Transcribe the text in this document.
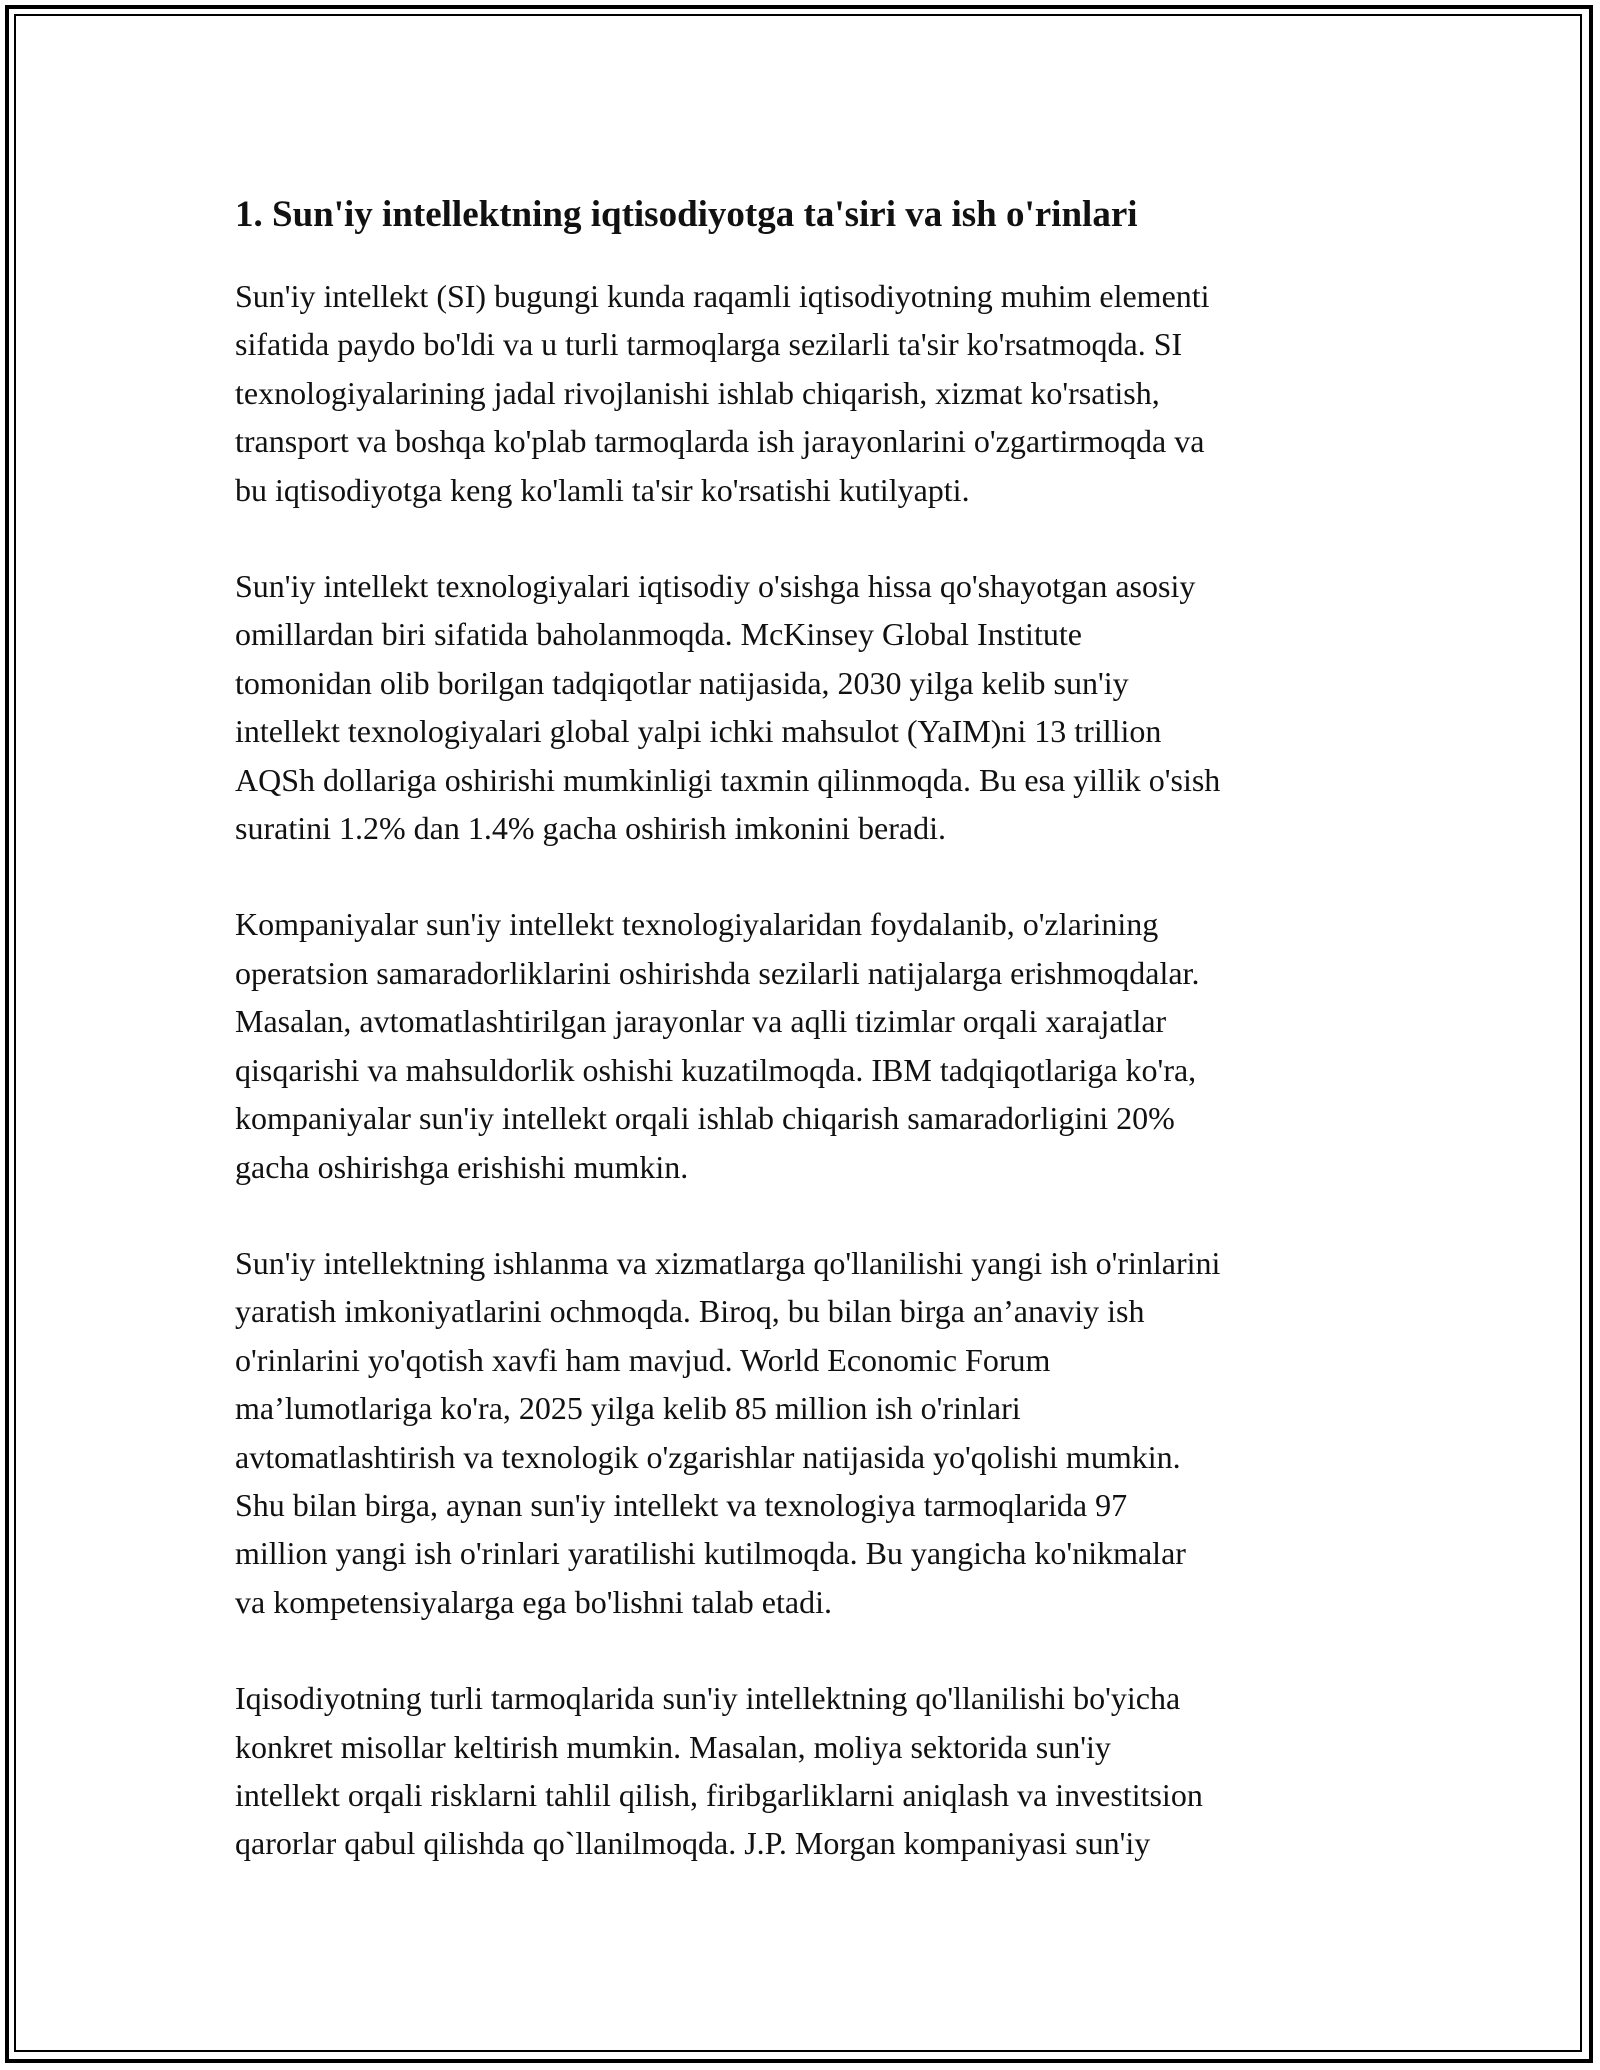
1. Sun'iy intellektning iqtisodiyotga ta'siri va ish o'rinlari
Sun'iy intellekt (SI) bugungi kunda raqamli iqtisodiyotning muhim elementi
sifatida paydo bo'ldi va u turli tarmoqlarga sezilarli ta'sir ko'rsatmoqda. SI
texnologiyalarining jadal rivojlanishi ishlab chiqarish, xizmat ko'rsatish,
transport va boshqa ko'plab tarmoqlarda ish jarayonlarini o'zgartirmoqda va
bu iqtisodiyotga keng ko'lamli ta'sir ko'rsatishi kutilyapti.
Sun'iy intellekt texnologiyalari iqtisodiy o'sishga hissa qo'shayotgan asosiy
omillardan biri sifatida baholanmoqda. McKinsey Global Institute
tomonidan olib borilgan tadqiqotlar natijasida, 2030 yilga kelib sun'iy
intellekt texnologiyalari global yalpi ichki mahsulot (YaIM)ni 13 trillion
AQSh dollariga oshirishi mumkinligi taxmin qilinmoqda. Bu esa yillik o'sish
suratini 1.2% dan 1.4% gacha oshirish imkonini beradi.
Kompaniyalar sun'iy intellekt texnologiyalaridan foydalanib, o'zlarining
operatsion samaradorliklarini oshirishda sezilarli natijalarga erishmoqdalar.
Masalan, avtomatlashtirilgan jarayonlar va aqlli tizimlar orqali xarajatlar
qisqarishi va mahsuldorlik oshishi kuzatilmoqda. IBM tadqiqotlariga ko'ra,
kompaniyalar sun'iy intellekt orqali ishlab chiqarish samaradorligini 20%
gacha oshirishga erishishi mumkin.
Sun'iy intellektning ishlanma va xizmatlarga qo'llanilishi yangi ish o'rinlarini
yaratish imkoniyatlarini ochmoqda. Biroq, bu bilan birga an’anaviy ish
o'rinlarini yo'qotish xavfi ham mavjud. World Economic Forum
ma’lumotlariga ko'ra, 2025 yilga kelib 85 million ish o'rinlari
avtomatlashtirish va texnologik o'zgarishlar natijasida yo'qolishi mumkin.
Shu bilan birga, aynan sun'iy intellekt va texnologiya tarmoqlarida 97
million yangi ish o'rinlari yaratilishi kutilmoqda. Bu yangicha ko'nikmalar
va kompetensiyalarga ega bo'lishni talab etadi.
Iqisodiyotning turli tarmoqlarida sun'iy intellektning qo'llanilishi bo'yicha
konkret misollar keltirish mumkin. Masalan, moliya sektorida sun'iy
intellekt orqali risklarni tahlil qilish, firibgarliklarni aniqlash va investitsion
qarorlar qabul qilishda qo`llanilmoqda. J.P. Morgan kompaniyasi sun'iy
